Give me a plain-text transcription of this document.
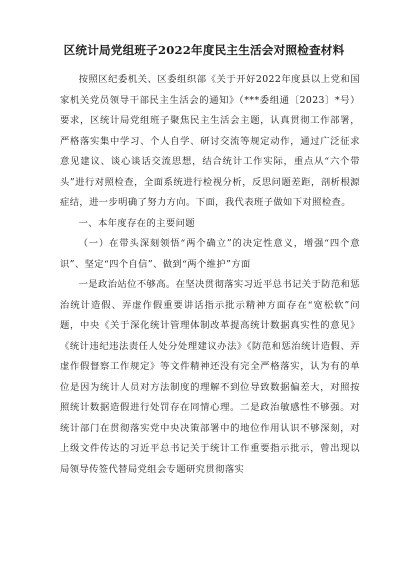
区统计局党组班子2022年度民主生活会对照检查材料

按照区纪委机关、区委组织部《关于开好2022年度县以上党和国家机关党员领导干部民主生活会的通知》（***委组通〔2023〕*号）要求，区统计局党组班子聚焦民主生活会主题，认真贯彻工作部署，严格落实集中学习、个人自学、研讨交流等规定动作，通过广泛征求意见建议、谈心谈话交流思想，结合统计工作实际，重点从“六个带头”进行对照检查，全面系统进行检视分析，反思问题差距，剖析根源症结，进一步明确了努力方向。下面，我代表班子做如下对照检查。

一、本年度存在的主要问题

（一）在带头深刻领悟“两个确立”的决定性意义，增强“四个意识”、坚定“四个自信”、做到“两个维护”方面

一是政治站位不够高。在坚决贯彻落实习近平总书记关于防范和惩治统计造假、弄虚作假重要讲话指示批示精神方面存在“宽松软”问题，中央《关于深化统计管理体制改革提高统计数据真实性的意见》《统计违纪违法责任人处分处理建议办法》《防范和惩治统计造假、弄虚作假督察工作规定》等文件精神还没有完全严格落实，认为有的单位是因为统计人员对方法制度的理解不到位导致数据偏差大，对照按照统计数据造假进行处罚存在同情心理。二是政治敏感性不够强。对统计部门在贯彻落实党中央决策部署中的地位作用认识不够深刻，对上级文件传达的习近平总书记关于统计工作重要指示批示，曾出现以局领导传签代替局党组会专题研究贯彻落实
